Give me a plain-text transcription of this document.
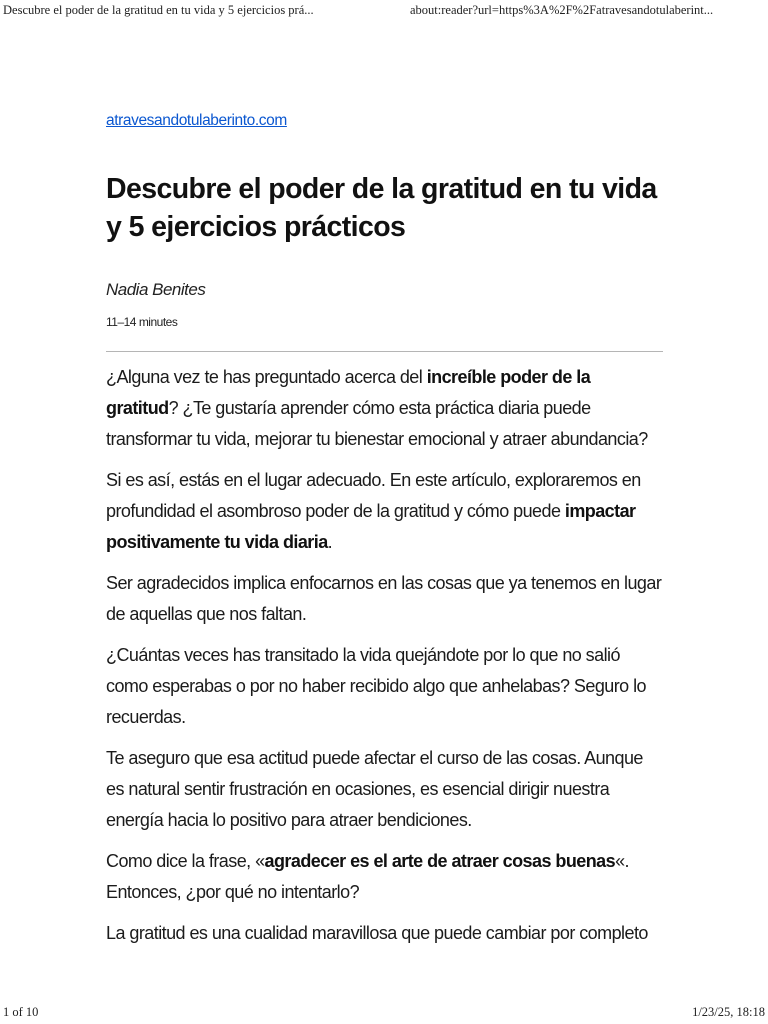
Descubre el poder de la gratitud en tu vida y 5 ejercicios prá...	about:reader?url=https%3A%2F%2Fatravesandotulaberint...
atravesandotulaberinto.com
Descubre el poder de la gratitud en tu vida y 5 ejercicios prácticos
Nadia Benites
11–14 minutes

¿Alguna vez te has preguntado acerca del increíble poder de la gratitud? ¿Te gustaría aprender cómo esta práctica diaria puede transformar tu vida, mejorar tu bienestar emocional y atraer abundancia?

Si es así, estás en el lugar adecuado. En este artículo, exploraremos en profundidad el asombroso poder de la gratitud y cómo puede impactar positivamente tu vida diaria.

Ser agradecidos implica enfocarnos en las cosas que ya tenemos en lugar de aquellas que nos faltan.

¿Cuántas veces has transitado la vida quejándote por lo que no salió como esperabas o por no haber recibido algo que anhelabas? Seguro lo recuerdas.

Te aseguro que esa actitud puede afectar el curso de las cosas. Aunque es natural sentir frustración en ocasiones, es esencial dirigir nuestra energía hacia lo positivo para atraer bendiciones.

Como dice la frase, «agradecer es el arte de atraer cosas buenas«. Entonces, ¿por qué no intentarlo?

La gratitud es una cualidad maravillosa que puede cambiar por completo

1 of 10	1/23/25, 18:18
